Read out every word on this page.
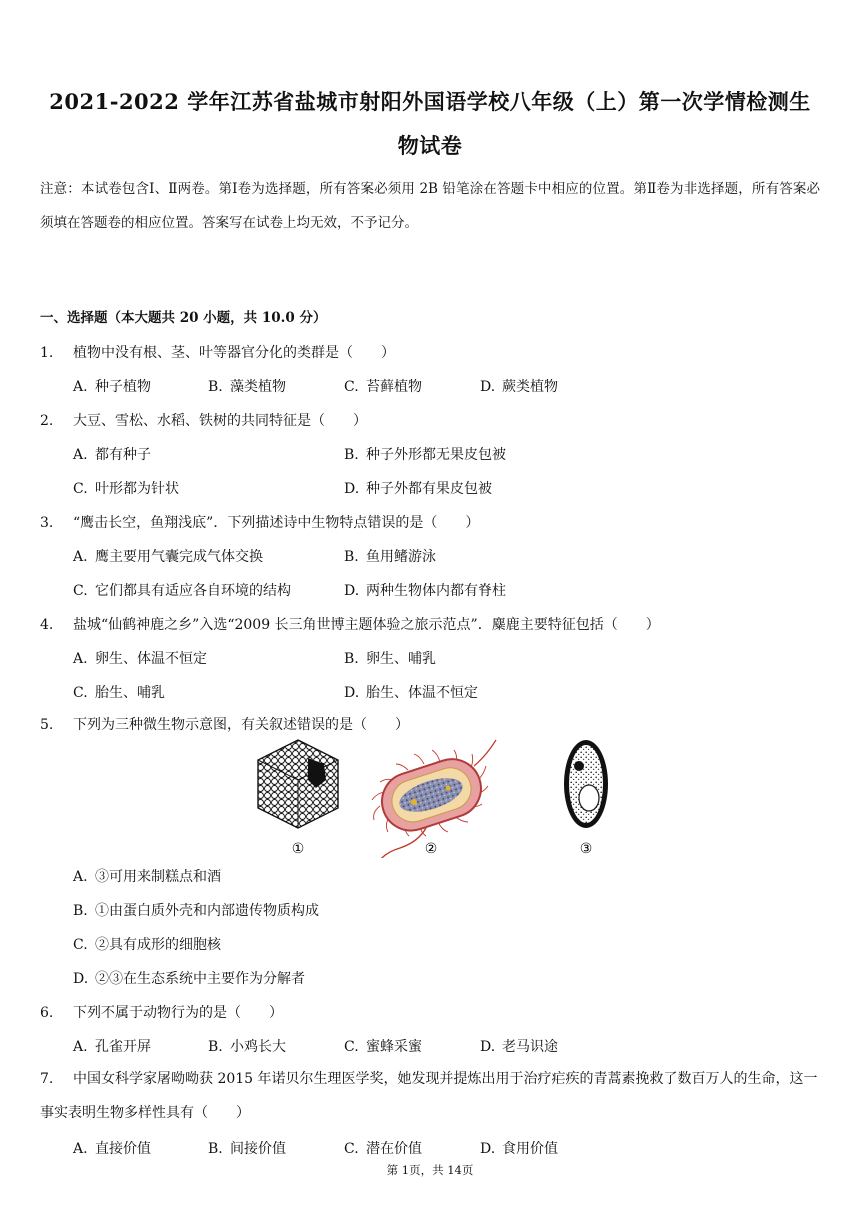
2021-2022 学年江苏省盐城市射阳外国语学校八年级（上）第一次学情检测生
物试卷
注意：本试卷包含Ⅰ、Ⅱ两卷。第Ⅰ卷为选择题，所有答案必须用 2B 铅笔涂在答题卡中相应的位置。第Ⅱ卷为非选择题，所有答案必须填在答题卷的相应位置。答案写在试卷上均无效，不予记分。
一、选择题（本大题共 20 小题，共 10.0 分）
1. 植物中没有根、茎、叶等器官分化的类群是（　　）
A. 种子植物	B. 藻类植物	C. 苔藓植物	D. 蕨类植物
2. 大豆、雪松、水稻、铁树的共同特征是（　　）
A. 都有种子	B. 种子外形都无果皮包被
C. 叶形都为针状	D. 种子外都有果皮包被
3. “鹰击长空，鱼翔浅底”．下列描述诗中生物特点错误的是（　　）
A. 鹰主要用气囊完成气体交换	B. 鱼用鳍游泳
C. 它们都具有适应各自环境的结构	D. 两种生物体内都有脊柱
4. 盐城“仙鹤神鹿之乡”入选“2009 长三角世博主题体验之旅示范点”．麋鹿主要特征包括（　　）
A. 卵生、体温不恒定	B. 卵生、哺乳
C. 胎生、哺乳	D. 胎生、体温不恒定
5. 下列为三种微生物示意图，有关叙述错误的是（　　）
①	②	③
A. ③可用来制糕点和酒
B. ①由蛋白质外壳和内部遗传物质构成
C. ②具有成形的细胞核
D. ②③在生态系统中主要作为分解者
6. 下列不属于动物行为的是（　　）
A. 孔雀开屏	B. 小鸡长大	C. 蜜蜂采蜜	D. 老马识途
7. 中国女科学家屠呦呦获 2015 年诺贝尔生理医学奖，她发现并提炼出用于治疗疟疾的青蒿素挽救了数百万人的生命，这一事实表明生物多样性具有（　　）
A. 直接价值	B. 间接价值	C. 潜在价值	D. 食用价值
第 1页，共 14页
